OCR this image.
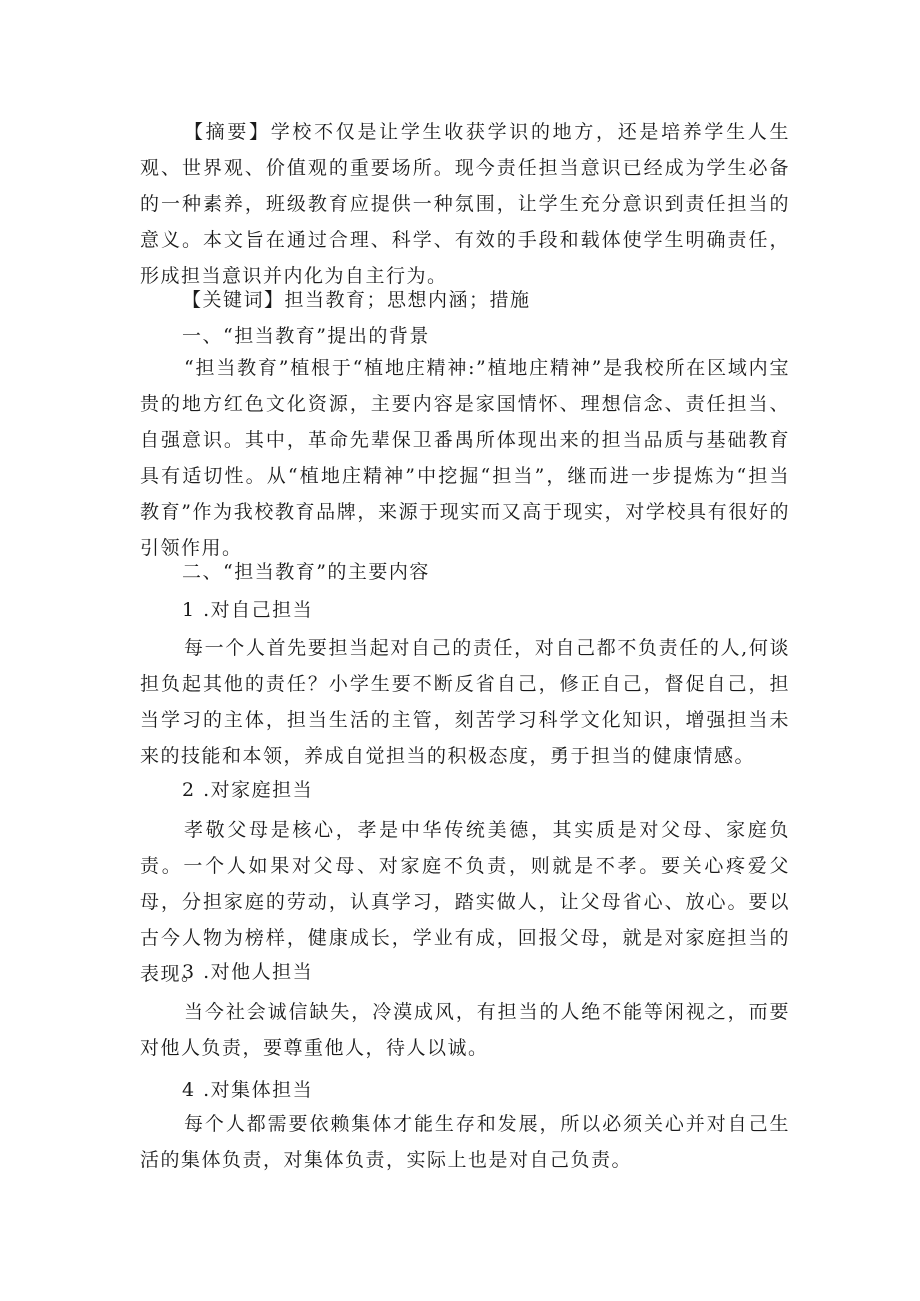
【摘要】学校不仅是让学生收获学识的地方，还是培养学生人生观、世界观、价值观的重要场所。现今责任担当意识已经成为学生必备的一种素养，班级教育应提供一种氛围，让学生充分意识到责任担当的意义。本文旨在通过合理、科学、有效的手段和载体使学生明确责任，形成担当意识并内化为自主行为。

【关键词】担当教育；思想内涵；措施

一、“担当教育”提出的背景

“担当教育”植根于“植地庄精神:”植地庄精神”是我校所在区域内宝贵的地方红色文化资源，主要内容是家国情怀、理想信念、责任担当、自强意识。其中，革命先辈保卫番禺所体现出来的担当品质与基础教育具有适切性。从“植地庄精神”中挖掘“担当”，继而进一步提炼为“担当教育”作为我校教育品牌，来源于现实而又高于现实，对学校具有很好的引领作用。

二、“担当教育”的主要内容

1 .对自己担当

每一个人首先要担当起对自己的责任，对自己都不负责任的人,何谈担负起其他的责任？小学生要不断反省自己，修正自己，督促自己，担当学习的主体，担当生活的主管，刻苦学习科学文化知识，增强担当未来的技能和本领，养成自觉担当的积极态度，勇于担当的健康情感。

2 .对家庭担当

孝敬父母是核心，孝是中华传统美德，其实质是对父母、家庭负责。一个人如果对父母、对家庭不负责，则就是不孝。要关心疼爱父母，分担家庭的劳动，认真学习，踏实做人，让父母省心、放心。要以古今人物为榜样，健康成长，学业有成，回报父母，就是对家庭担当的表现。

3 .对他人担当

当今社会诚信缺失，冷漠成风，有担当的人绝不能等闲视之，而要对他人负责，要尊重他人，待人以诚。

4 .对集体担当

每个人都需要依赖集体才能生存和发展，所以必须关心并对自己生活的集体负责，对集体负责，实际上也是对自己负责。
